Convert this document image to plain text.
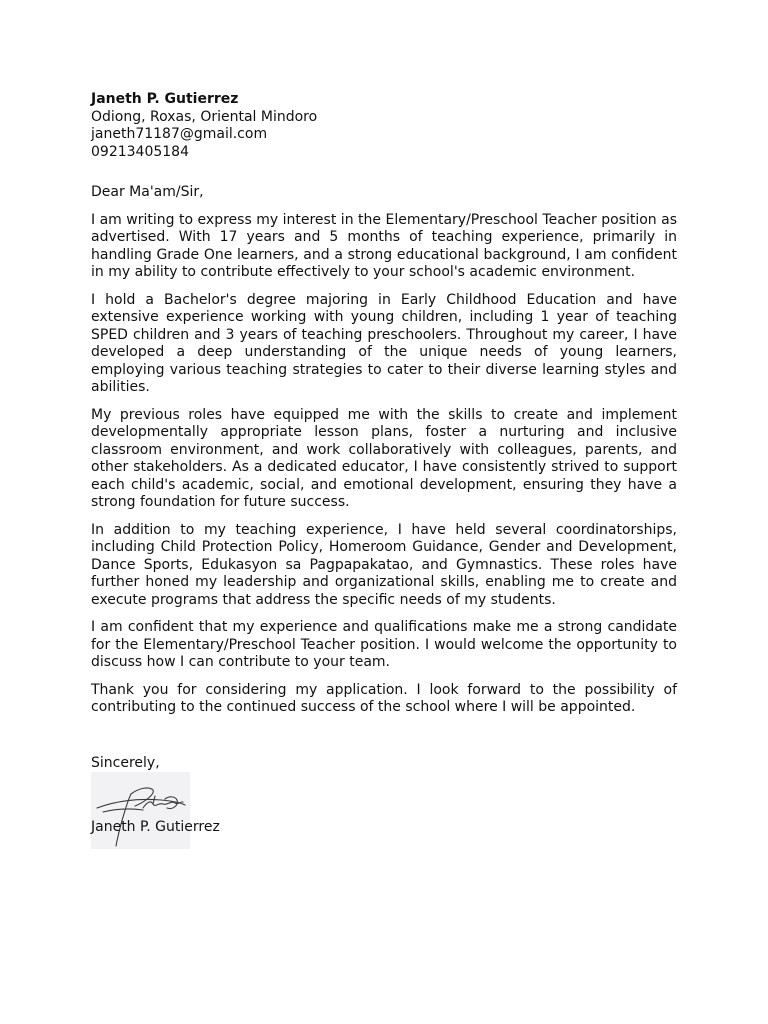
Janeth P. Gutierrez
Odiong, Roxas, Oriental Mindoro
janeth71187@gmail.com
09213405184
Dear Ma'am/Sir,

I am writing to express my interest in the Elementary/Preschool Teacher position as advertised. With 17 years and 5 months of teaching experience, primarily in handling Grade One learners, and a strong educational background, I am confident in my ability to contribute effectively to your school's academic environment.

I hold a Bachelor's degree majoring in Early Childhood Education and have extensive experience working with young children, including 1 year of teaching SPED children and 3 years of teaching preschoolers. Throughout my career, I have developed a deep understanding of the unique needs of young learners, employing various teaching strategies to cater to their diverse learning styles and abilities.

My previous roles have equipped me with the skills to create and implement developmentally appropriate lesson plans, foster a nurturing and inclusive classroom environment, and work collaboratively with colleagues, parents, and other stakeholders. As a dedicated educator, I have consistently strived to support each child's academic, social, and emotional development, ensuring they have a strong foundation for future success.

In addition to my teaching experience, I have held several coordinatorships, including Child Protection Policy, Homeroom Guidance, Gender and Development, Dance Sports, Edukasyon sa Pagpapakatao, and Gymnastics. These roles have further honed my leadership and organizational skills, enabling me to create and execute programs that address the specific needs of my students.

I am confident that my experience and qualifications make me a strong candidate for the Elementary/Preschool Teacher position. I would welcome the opportunity to discuss how I can contribute to your team.

Thank you for considering my application. I look forward to the possibility of contributing to the continued success of the school where I will be appointed.

Sincerely,
Janeth P. Gutierrez
